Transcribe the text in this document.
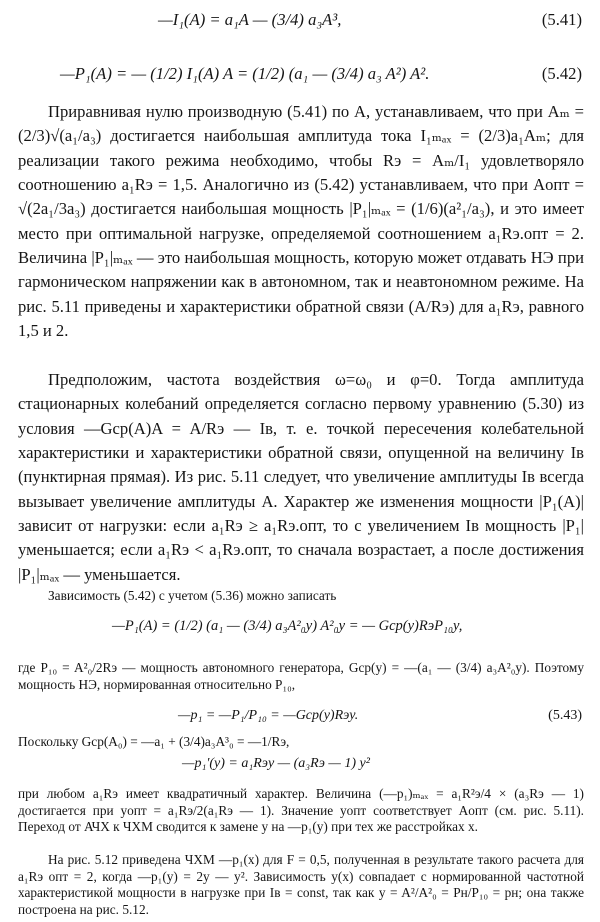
—I₁(A) = a₁A — (3/4) a₃A³,	(5.41)
—P₁(A) = — (1/2) I₁(A) A = (1/2) (a₁ — (3/4) a₃ A²) A².	(5.42)
Приравнивая нулю производную (5.41) по A, устанавливаем, что при Aₘ = (2/3)√(a₁/a₃) достигается наибольшая амплитуда тока I₁ₘₐₓ = (2/3)a₁Aₘ; для реализации такого режима необходимо, чтобы Rэ = Aₘ/I₁ удовлетворяло соотношению a₁Rэ = 1,5. Аналогично из (5.42) устанавливаем, что при Aопт = √(2a₁/3a₃) достигается наибольшая мощность |P₁|ₘₐₓ = (1/6)(a²₁/a₃), и это имеет место при оптимальной нагрузке, определяемой соотношением a₁Rэ.опт = 2. Величина |P₁|ₘₐₓ — это наибольшая мощность, которую может отдавать НЭ при гармоническом напряжении как в автономном, так и неавтономном режиме. На рис. 5.11 приведены и характеристики обратной связи (A/Rэ) для a₁Rэ, равного 1,5 и 2.
Предположим, частота воздействия ω=ω₀ и φ=0. Тогда амплитуда стационарных колебаний определяется согласно первому уравнению (5.30) из условия —Gср(A)A = A/Rэ — Iв, т. е. точкой пересечения колебательной характеристики и характеристики обратной связи, опущенной на величину Iв (пунктирная прямая). Из рис. 5.11 следует, что увеличение амплитуды Iв всегда вызывает увеличение амплитуды A. Характер же изменения мощности |P₁(A)| зависит от нагрузки: если a₁Rэ ≥ a₁Rэ.опт, то с увеличением Iв мощность |P₁| уменьшается; если a₁Rэ < a₁Rэ.опт, то сначала возрастает, а после достижения |P₁|ₘₐₓ — уменьшается.
Зависимость (5.42) с учетом (5.36) можно записать
—P₁(A) = (1/2) (a₁ — (3/4) a₃A²₀y) A²₀y = — Gср(y)RэP₁₀y,
где P₁₀ = A²₀/2Rэ — мощность автономного генератора, Gср(y) = —(a₁ — (3/4) a₃A²₀y). Поэтому мощность НЭ, нормированная относительно P₁₀,
—p₁ = —P₁/P₁₀ = —Gср(y)Rэy.	(5.43)
Поскольку Gср(A₀) = —a₁ + (3/4)a₃A³₀ = —1/Rэ,
—p₁′(y) = a₁Rэy — (a₃Rэ — 1) y²
при любом a₁Rэ имеет квадратичный характер. Величина (—p₁)ₘₐₓ = a₁R²э/4 × (a₃Rэ — 1) достигается при yопт = a₁Rэ/2(a₁Rэ — 1). Значение yопт соответствует Aопт (см. рис. 5.11). Переход от АЧХ к ЧХМ сводится к замене y на —p₁(y) при тех же расстройках x.
На рис. 5.12 приведена ЧХМ —p₁(x) для F = 0,5, полученная в результате такого расчета для a₁Rэ опт = 2, когда —p₁(y) = 2y — y². Зависимость y(x) совпадает с нормированной частотной характеристикой мощности в нагрузке при Iв = const, так как y = A²/A²₀ = Pн/P₁₀ = pн; она также построена на рис. 5.12.
